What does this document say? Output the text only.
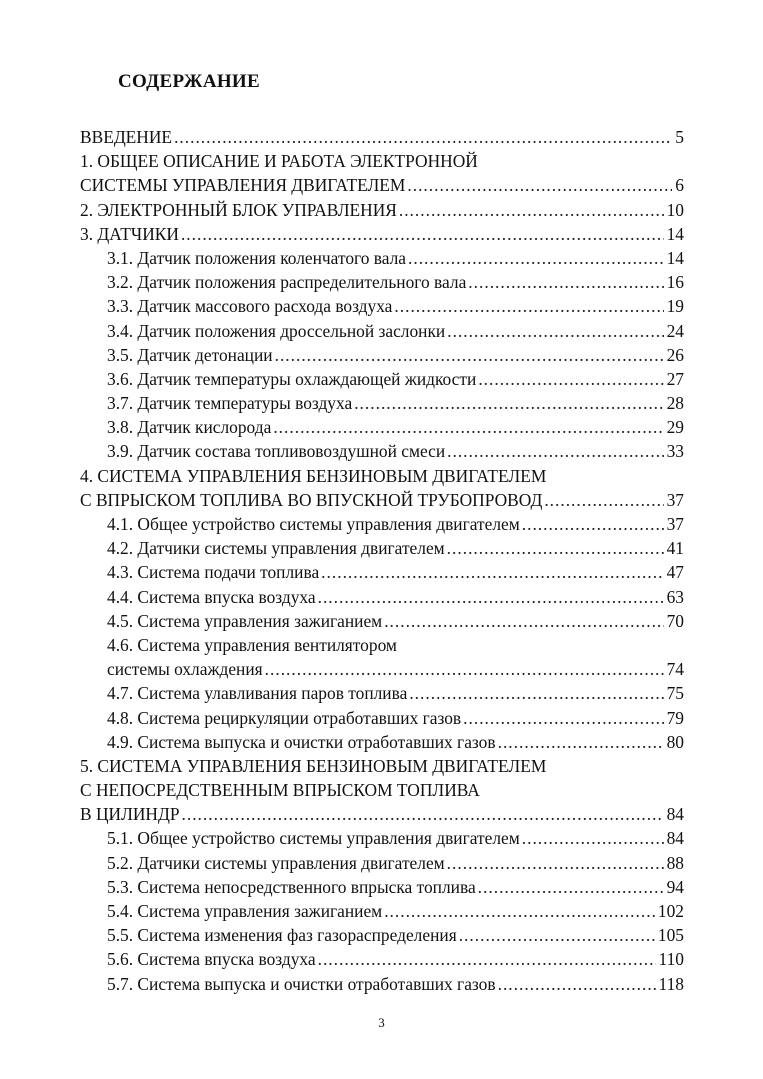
СОДЕРЖАНИЕ
ВВЕДЕНИЕ .....	5
1. ОБЩЕЕ ОПИСАНИЕ И РАБОТА ЭЛЕКТРОННОЙ
СИСТЕМЫ УПРАВЛЕНИЯ ДВИГАТЕЛЕМ .....	6
2. ЭЛЕКТРОННЫЙ БЛОК УПРАВЛЕНИЯ .....	10
3. ДАТЧИКИ .....	14
3.1. Датчик положения коленчатого вала .....	14
3.2. Датчик положения распределительного вала .....	16
3.3. Датчик массового расхода воздуха .....	19
3.4. Датчик положения дроссельной заслонки .....	24
3.5. Датчик детонации .....	26
3.6. Датчик температуры охлаждающей жидкости .....	27
3.7. Датчик температуры воздуха .....	28
3.8. Датчик кислорода .....	29
3.9. Датчик состава топливовоздушной смеси .....	33
4. СИСТЕМА УПРАВЛЕНИЯ БЕНЗИНОВЫМ ДВИГАТЕЛЕМ
С ВПРЫСКОМ ТОПЛИВА ВО ВПУСКНОЙ ТРУБОПРОВОД .....	37
4.1. Общее устройство системы управления двигателем .....	37
4.2. Датчики системы управления двигателем .....	41
4.3. Система подачи топлива .....	47
4.4. Система впуска воздуха .....	63
4.5. Система управления зажиганием .....	70
4.6. Система управления вентилятором
системы охлаждения .....	74
4.7. Система улавливания паров топлива .....	75
4.8. Система рециркуляции отработавших газов .....	79
4.9. Система выпуска и очистки отработавших газов .....	80
5. СИСТЕМА УПРАВЛЕНИЯ БЕНЗИНОВЫМ ДВИГАТЕЛЕМ
С НЕПОСРЕДСТВЕННЫМ ВПРЫСКОМ ТОПЛИВА
В ЦИЛИНДР .....	84
5.1. Общее устройство системы управления двигателем .....	84
5.2. Датчики системы управления двигателем .....	88
5.3. Система непосредственного впрыска топлива .....	94
5.4. Система управления зажиганием .....	102
5.5. Система изменения фаз газораспределения .....	105
5.6. Система впуска воздуха .....	110
5.7. Система выпуска и очистки отработавших газов .....	118
3
